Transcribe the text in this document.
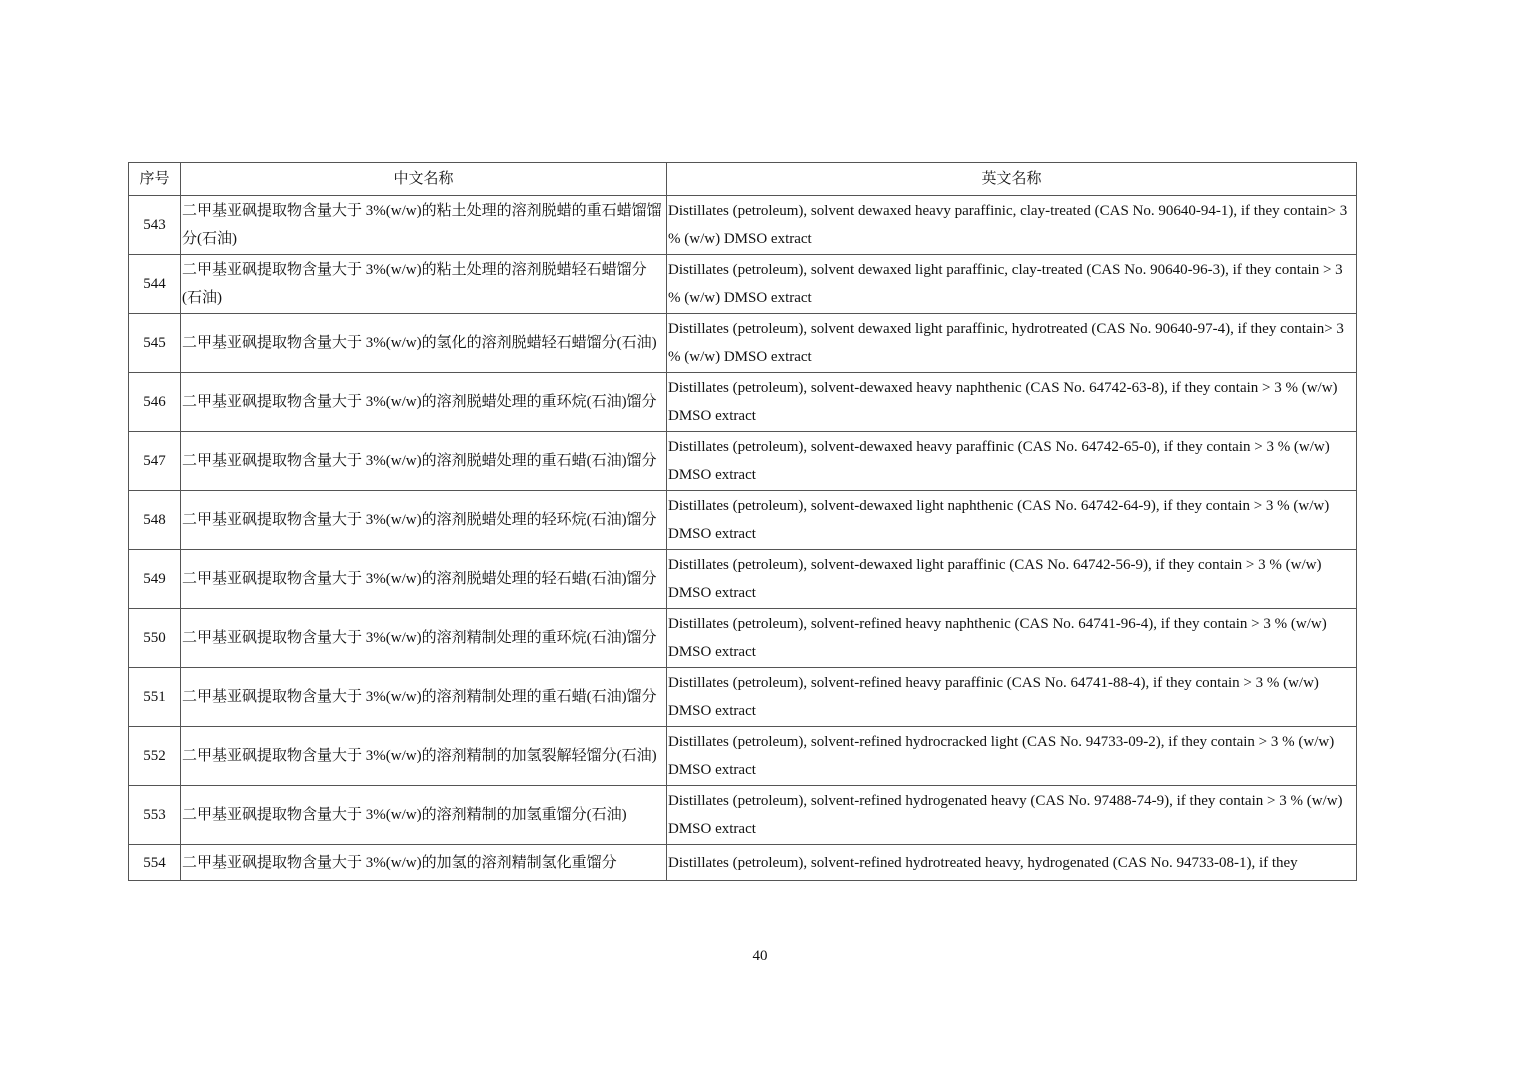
序号	中文名称	英文名称
543	二甲基亚砜提取物含量大于 3%(w/w)的粘土处理的溶剂脱蜡的重石蜡馏馏分(石油)	Distillates (petroleum), solvent dewaxed heavy paraffinic, clay-treated (CAS No. 90640-94-1), if they contain> 3 % (w/w) DMSO extract
544	二甲基亚砜提取物含量大于 3%(w/w)的粘土处理的溶剂脱蜡轻石蜡馏分(石油)	Distillates (petroleum), solvent dewaxed light paraffinic, clay-treated (CAS No. 90640-96-3), if they contain > 3 % (w/w) DMSO extract
545	二甲基亚砜提取物含量大于 3%(w/w)的氢化的溶剂脱蜡轻石蜡馏分(石油)	Distillates (petroleum), solvent dewaxed light paraffinic, hydrotreated (CAS No. 90640-97-4), if they contain> 3 % (w/w) DMSO extract
546	二甲基亚砜提取物含量大于 3%(w/w)的溶剂脱蜡处理的重环烷(石油)馏分	Distillates (petroleum), solvent-dewaxed heavy naphthenic (CAS No. 64742-63-8), if they contain > 3 % (w/w) DMSO extract
547	二甲基亚砜提取物含量大于 3%(w/w)的溶剂脱蜡处理的重石蜡(石油)馏分	Distillates (petroleum), solvent-dewaxed heavy paraffinic (CAS No. 64742-65-0), if they contain > 3 % (w/w) DMSO extract
548	二甲基亚砜提取物含量大于 3%(w/w)的溶剂脱蜡处理的轻环烷(石油)馏分	Distillates (petroleum), solvent-dewaxed light naphthenic (CAS No. 64742-64-9), if they contain > 3 % (w/w) DMSO extract
549	二甲基亚砜提取物含量大于 3%(w/w)的溶剂脱蜡处理的轻石蜡(石油)馏分	Distillates (petroleum), solvent-dewaxed light paraffinic (CAS No. 64742-56-9), if they contain > 3 % (w/w) DMSO extract
550	二甲基亚砜提取物含量大于 3%(w/w)的溶剂精制处理的重环烷(石油)馏分	Distillates (petroleum), solvent-refined heavy naphthenic (CAS No. 64741-96-4), if they contain > 3 % (w/w) DMSO extract
551	二甲基亚砜提取物含量大于 3%(w/w)的溶剂精制处理的重石蜡(石油)馏分	Distillates (petroleum), solvent-refined heavy paraffinic (CAS No. 64741-88-4), if they contain > 3 % (w/w) DMSO extract
552	二甲基亚砜提取物含量大于 3%(w/w)的溶剂精制的加氢裂解轻馏分(石油)	Distillates (petroleum), solvent-refined hydrocracked light (CAS No. 94733-09-2), if they contain > 3 % (w/w) DMSO extract
553	二甲基亚砜提取物含量大于 3%(w/w)的溶剂精制的加氢重馏分(石油)	Distillates (petroleum), solvent-refined hydrogenated heavy (CAS No. 97488-74-9), if they contain > 3 % (w/w) DMSO extract
554	二甲基亚砜提取物含量大于 3%(w/w)的加氢的溶剂精制氢化重馏分	Distillates (petroleum), solvent-refined hydrotreated heavy, hydrogenated (CAS No. 94733-08-1), if they
40
